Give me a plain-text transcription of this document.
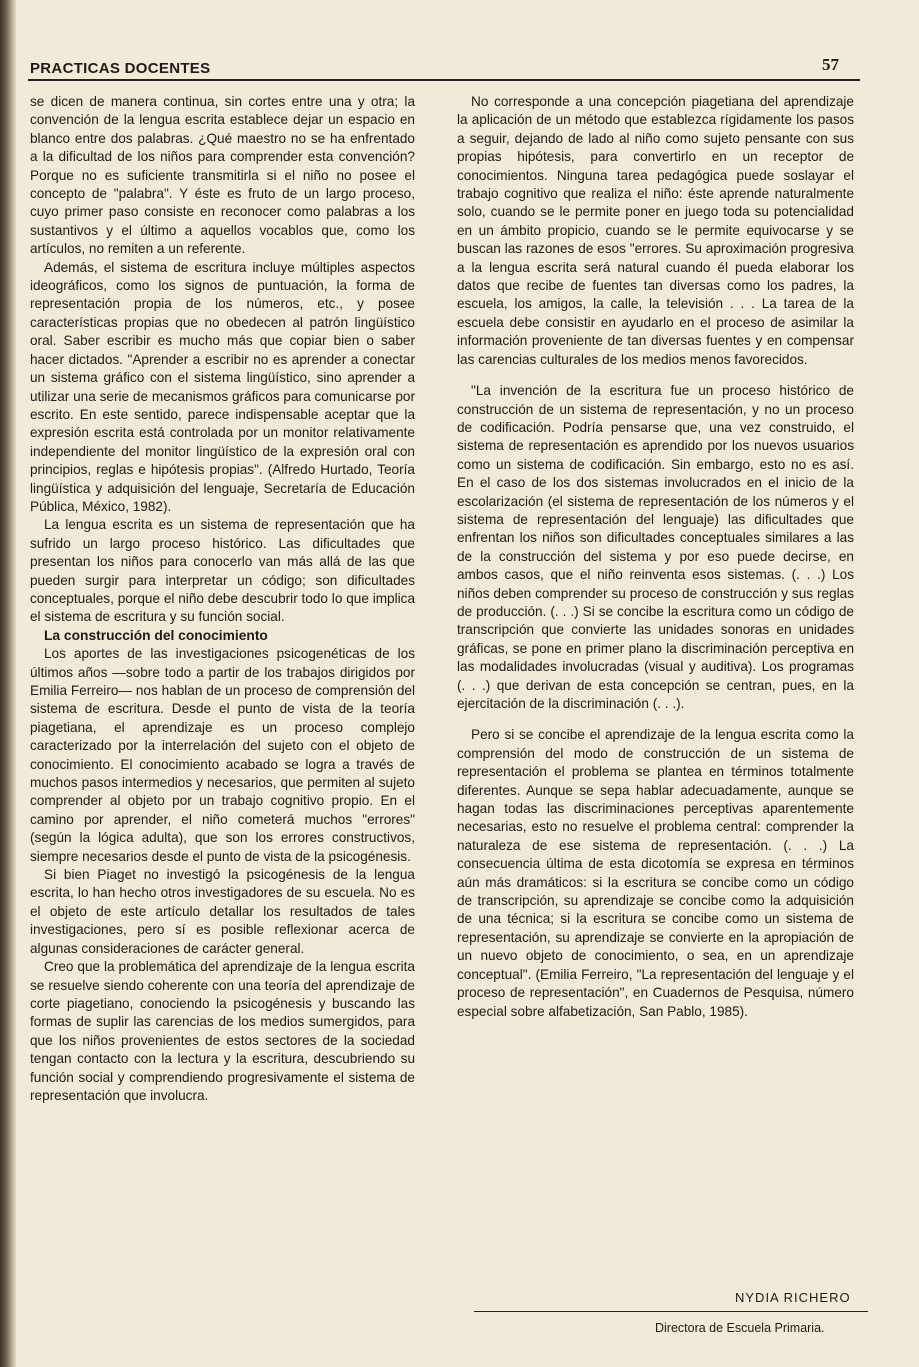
PRACTICAS DOCENTES	57

se dicen de manera continua, sin cortes entre una y otra; la convención de la lengua escrita establece dejar un espacio en blanco entre dos palabras. ¿Qué maestro no se ha enfrentado a la dificultad de los niños para comprender esta convención? Porque no es suficiente transmitirla si el niño no posee el concepto de "palabra". Y éste es fruto de un largo proceso, cuyo primer paso consiste en reconocer como palabras a los sustantivos y el último a aquellos vocablos que, como los artículos, no remiten a un referente.

Además, el sistema de escritura incluye múltiples aspectos ideográficos, como los signos de puntuación, la forma de representación propia de los números, etc., y posee características propias que no obedecen al patrón lingüístico oral. Saber escribir es mucho más que copiar bien o saber hacer dictados. "Aprender a escribir no es aprender a conectar un sistema gráfico con el sistema lingüístico, sino aprender a utilizar una serie de mecanismos gráficos para comunicarse por escrito. En este sentido, parece indispensable aceptar que la expresión escrita está controlada por un monitor relativamente independiente del monitor lingüístico de la expresión oral con principios, reglas e hipótesis propias". (Alfredo Hurtado, Teoría lingüística y adquisición del lenguaje, Secretaría de Educación Pública, México, 1982).

La lengua escrita es un sistema de representación que ha sufrido un largo proceso histórico. Las dificultades que presentan los niños para conocerlo van más allá de las que pueden surgir para interpretar un código; son dificultades conceptuales, porque el niño debe descubrir todo lo que implica el sistema de escritura y su función social.

La construcción del conocimiento

Los aportes de las investigaciones psicogenéticas de los últimos años —sobre todo a partir de los trabajos dirigidos por Emilia Ferreiro— nos hablan de un proceso de comprensión del sistema de escritura. Desde el punto de vista de la teoría piagetiana, el aprendizaje es un proceso complejo caracterizado por la interrelación del sujeto con el objeto de conocimiento. El conocimiento acabado se logra a través de muchos pasos intermedios y necesarios, que permiten al sujeto comprender al objeto por un trabajo cognitivo propio. En el camino por aprender, el niño cometerá muchos "errores" (según la lógica adulta), que son los errores constructivos, siempre necesarios desde el punto de vista de la psicogénesis.

Si bien Piaget no investigó la psicogénesis de la lengua escrita, lo han hecho otros investigadores de su escuela. No es el objeto de este artículo detallar los resultados de tales investigaciones, pero sí es posible reflexionar acerca de algunas consideraciones de carácter general.

Creo que la problemática del aprendizaje de la lengua escrita se resuelve siendo coherente con una teoría del aprendizaje de corte piagetiano, conociendo la psicogénesis y buscando las formas de suplir las carencias de los medios sumergidos, para que los niños provenientes de estos sectores de la sociedad tengan contacto con la lectura y la escritura, descubriendo su función social y comprendiendo progresivamente el sistema de representación que involucra.

No corresponde a una concepción piagetiana del aprendizaje la aplicación de un método que establezca rígidamente los pasos a seguir, dejando de lado al niño como sujeto pensante con sus propias hipótesis, para convertirlo en un receptor de conocimientos. Ninguna tarea pedagógica puede soslayar el trabajo cognitivo que realiza el niño: éste aprende naturalmente solo, cuando se le permite poner en juego toda su potencialidad en un ámbito propicio, cuando se le permite equivocarse y se buscan las razones de esos "errores. Su aproximación progresiva a la lengua escrita será natural cuando él pueda elaborar los datos que recibe de fuentes tan diversas como los padres, la escuela, los amigos, la calle, la televisión . . . La tarea de la escuela debe consistir en ayudarlo en el proceso de asimilar la información proveniente de tan diversas fuentes y en compensar las carencias culturales de los medios menos favorecidos.

"La invención de la escritura fue un proceso histórico de construcción de un sistema de representación, y no un proceso de codificación. Podría pensarse que, una vez construido, el sistema de representación es aprendido por los nuevos usuarios como un sistema de codificación. Sin embargo, esto no es así. En el caso de los dos sistemas involucrados en el inicio de la escolarización (el sistema de representación de los números y el sistema de representación del lenguaje) las dificultades que enfrentan los niños son dificultades conceptuales similares a las de la construcción del sistema y por eso puede decirse, en ambos casos, que el niño reinventa esos sistemas. (. . .) Los niños deben comprender su proceso de construcción y sus reglas de producción. (. . .) Si se concibe la escritura como un código de transcripción que convierte las unidades sonoras en unidades gráficas, se pone en primer plano la discriminación perceptiva en las modalidades involucradas (visual y auditiva). Los programas (. . .) que derivan de esta concepción se centran, pues, en la ejercitación de la discriminación (. . .).

Pero si se concibe el aprendizaje de la lengua escrita como la comprensión del modo de construcción de un sistema de representación el problema se plantea en términos totalmente diferentes. Aunque se sepa hablar adecuadamente, aunque se hagan todas las discriminaciones perceptivas aparentemente necesarias, esto no resuelve el problema central: comprender la naturaleza de ese sistema de representación. (. . .) La consecuencia última de esta dicotomía se expresa en términos aún más dramáticos: si la escritura se concibe como un código de transcripción, su aprendizaje se concibe como la adquisición de una técnica; si la escritura se concibe como un sistema de representación, su aprendizaje se convierte en la apropiación de un nuevo objeto de conocimiento, o sea, en un aprendizaje conceptual". (Emilia Ferreiro, "La representación del lenguaje y el proceso de representación", en Cuadernos de Pesquisa, número especial sobre alfabetización, San Pablo, 1985).

NYDIA RICHERO
Directora de Escuela Primaria.
